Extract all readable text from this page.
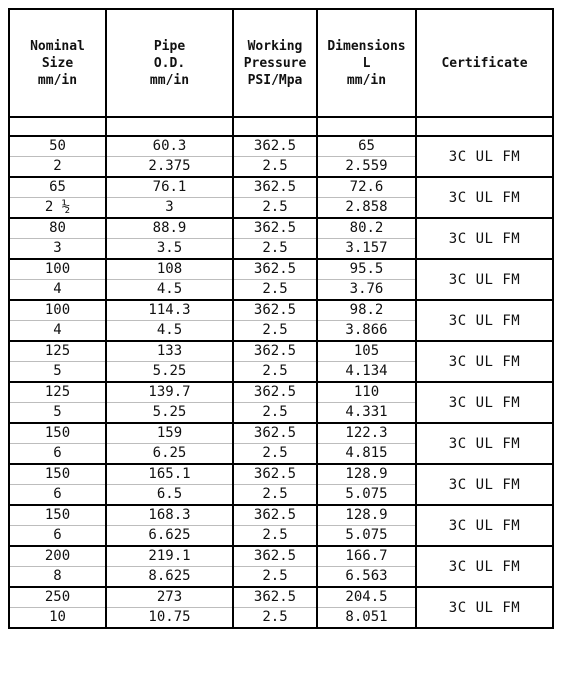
Nominal
Size
mm/in	Pipe
O.D.
mm/in	Working
Pressure
PSI/Mpa	Dimensions
L
mm/in	Certificate

50	60.3	362.5	65	3C UL FM
2	2.375	2.5	2.559	
65	76.1	362.5	72.6	3C UL FM
2 ½	3	2.5	2.858	
80	88.9	362.5	80.2	3C UL FM
3	3.5	2.5	3.157	
100	108	362.5	95.5	3C UL FM
4	4.5	2.5	3.76	
100	114.3	362.5	98.2	3C UL FM
4	4.5	2.5	3.866	
125	133	362.5	105	3C UL FM
5	5.25	2.5	4.134	
125	139.7	362.5	110	3C UL FM
5	5.25	2.5	4.331	
150	159	362.5	122.3	3C UL FM
6	6.25	2.5	4.815	
150	165.1	362.5	128.9	3C UL FM
6	6.5	2.5	5.075	
150	168.3	362.5	128.9	3C UL FM
6	6.625	2.5	5.075	
200	219.1	362.5	166.7	3C UL FM
8	8.625	2.5	6.563	
250	273	362.5	204.5	3C UL FM
10	10.75	2.5	8.051	
